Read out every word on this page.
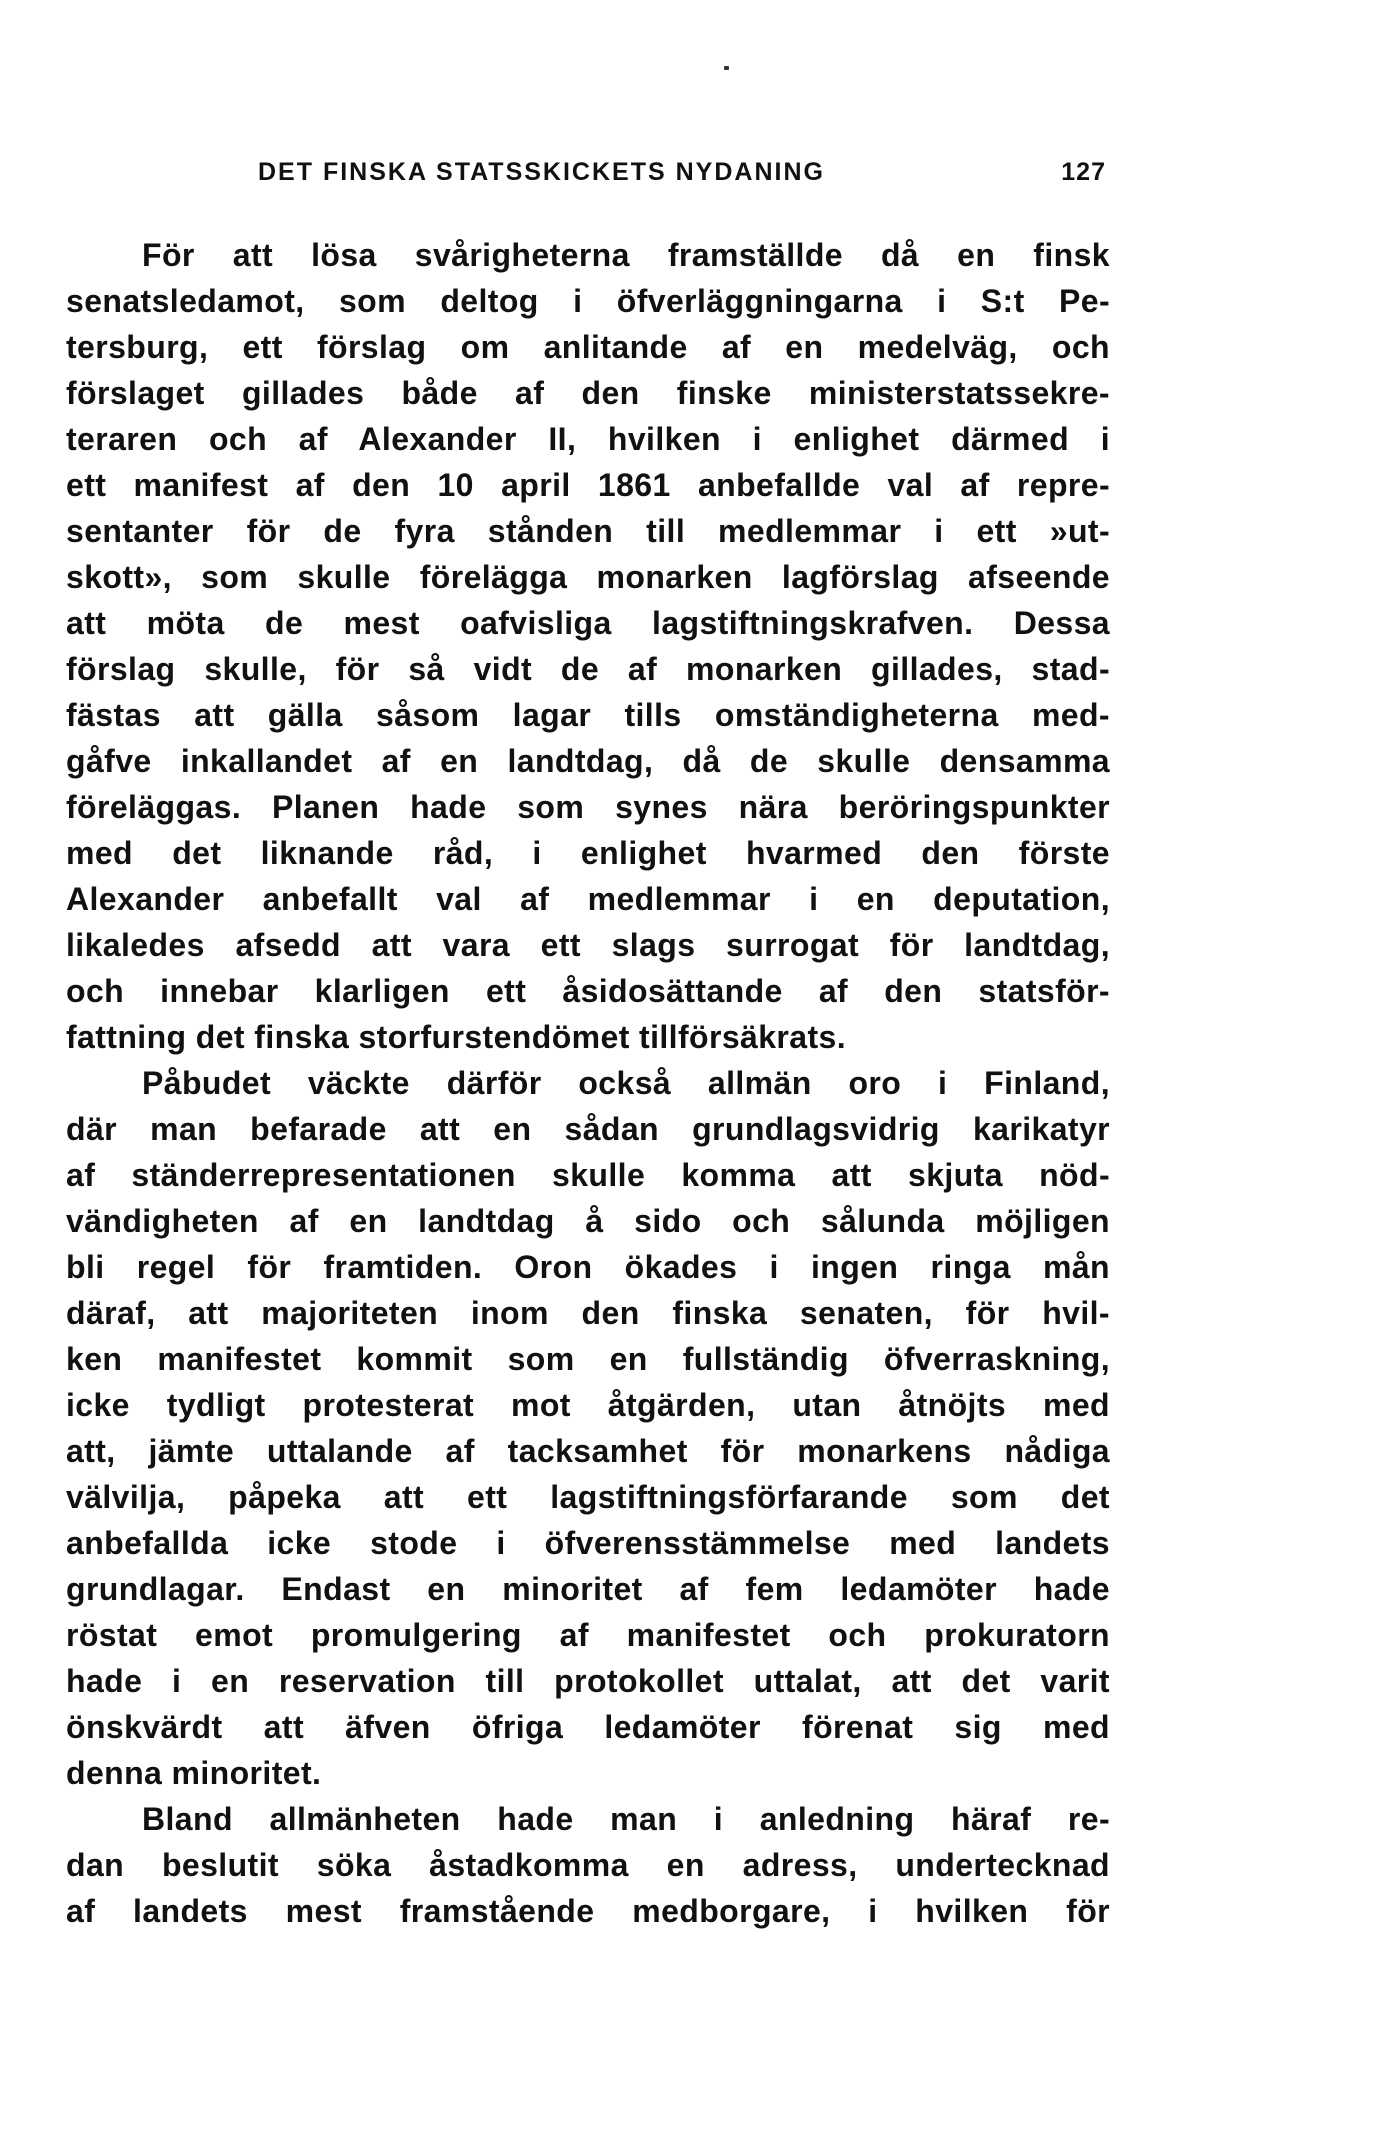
DET FINSKA STATSSKICKETS NYDANING	127
För att lösa svårigheterna framställde då en finsk
senatsledamot, som deltog i öfverläggningarna i S:t Pe-
tersburg, ett förslag om anlitande af en medelväg, och
förslaget gillades både af den finske ministerstatssekre-
teraren och af Alexander II, hvilken i enlighet därmed i
ett manifest af den 10 april 1861 anbefallde val af repre-
sentanter för de fyra stånden till medlemmar i ett »ut-
skott», som skulle förelägga monarken lagförslag afseende
att möta de mest oafvisliga lagstiftningskrafven. Dessa
förslag skulle, för så vidt de af monarken gillades, stad-
fästas att gälla såsom lagar tills omständigheterna med-
gåfve inkallandet af en landtdag, då de skulle densamma
föreläggas. Planen hade som synes nära beröringspunkter
med det liknande råd, i enlighet hvarmed den förste
Alexander anbefallt val af medlemmar i en deputation,
likaledes afsedd att vara ett slags surrogat för landtdag,
och innebar klarligen ett åsidosättande af den statsför-
fattning det finska storfurstendömet tillförsäkrats.
Påbudet väckte därför också allmän oro i Finland,
där man befarade att en sådan grundlagsvidrig karikatyr
af ständerrepresentationen skulle komma att skjuta nöd-
vändigheten af en landtdag å sido och sålunda möjligen
bli regel för framtiden. Oron ökades i ingen ringa mån
däraf, att majoriteten inom den finska senaten, för hvil-
ken manifestet kommit som en fullständig öfverraskning,
icke tydligt protesterat mot åtgärden, utan åtnöjts med
att, jämte uttalande af tacksamhet för monarkens nådiga
välvilja, påpeka att ett lagstiftningsförfarande som det
anbefallda icke stode i öfverensstämmelse med landets
grundlagar. Endast en minoritet af fem ledamöter hade
röstat emot promulgering af manifestet och prokuratorn
hade i en reservation till protokollet uttalat, att det varit
önskvärdt att äfven öfriga ledamöter förenat sig med
denna minoritet.
Bland allmänheten hade man i anledning häraf re-
dan beslutit söka åstadkomma en adress, undertecknad
af landets mest framstående medborgare, i hvilken för
